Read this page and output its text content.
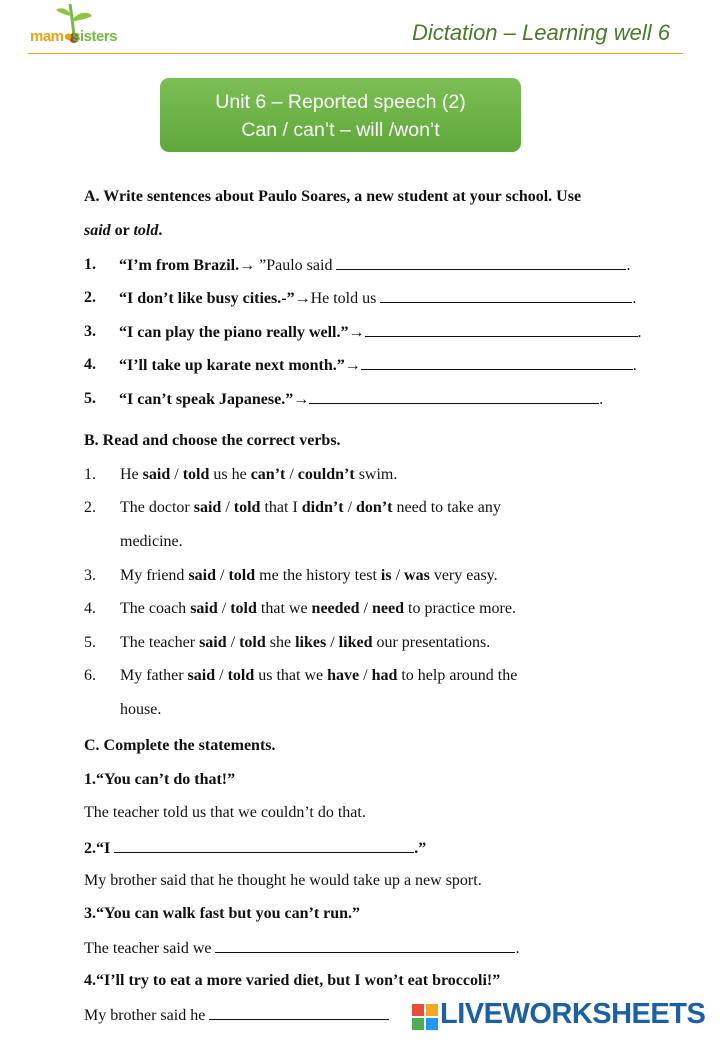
mam●sisters	Dictation – Learning well 6
Unit 6 – Reported speech (2)
Can / can’t – will /won’t
A. Write sentences about Paulo Soares, a new student at your school. Use
said or told.
1. “I’m from Brazil.→ ”Paulo said	.
2. “I don’t like busy cities.-”→He told us	.
3. “I can play the piano really well.”→	.
4. “I’ll take up karate next month.”→	.
5. “I can’t speak Japanese.”→	.
B. Read and choose the correct verbs.
1. He said / told us he can’t / couldn’t swim.
2. The doctor said / told that I didn’t / don’t need to take any
medicine.
3. My friend said / told me the history test is / was very easy.
4. The coach said / told that we needed / need to practice more.
5. The teacher said / told she likes / liked our presentations.
6. My father said / told us that we have / had to help around the
house.
C. Complete the statements.
1.“You can’t do that!”
The teacher told us that we couldn’t do that.
2.“I	.”
My brother said that he thought he would take up a new sport.
3.“You can walk fast but you can’t run.”
The teacher said we	.
4.“I’ll try to eat a more varied diet, but I won’t eat broccoli!”
My brother said he	LIVEWORKSHEETS
